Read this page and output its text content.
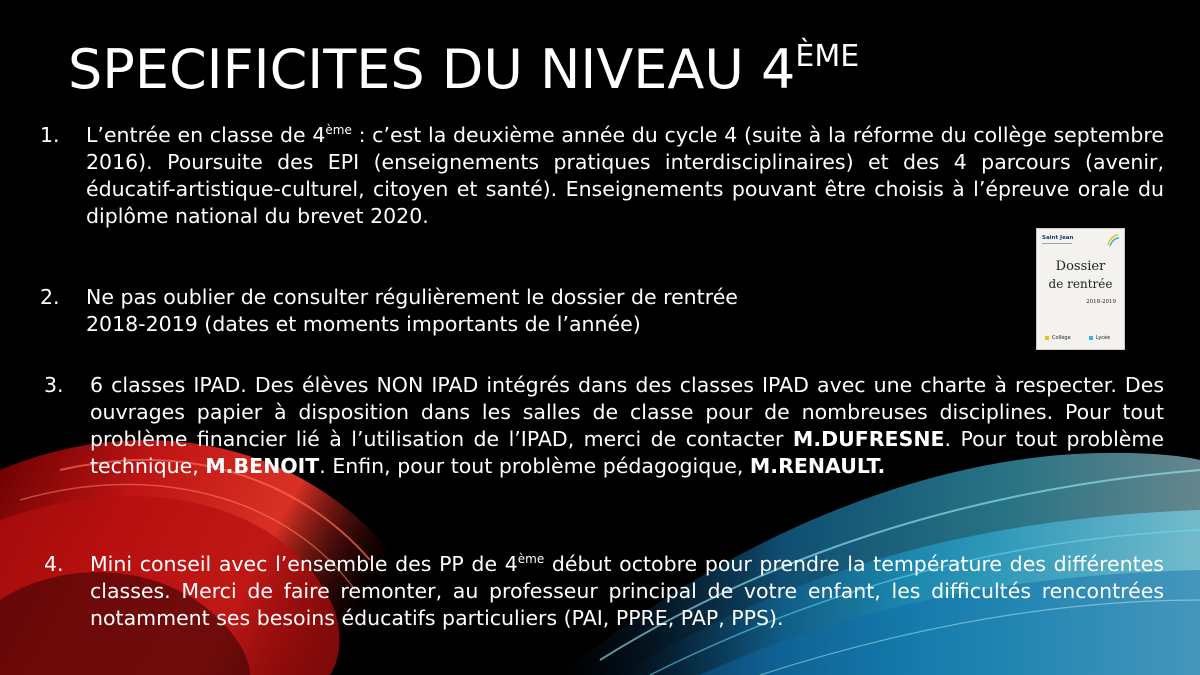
SPECIFICITES DU NIVEAU 4ÈME
1. L’entrée en classe de 4ème : c’est la deuxième année du cycle 4 (suite à la réforme du collège septembre 2016). Poursuite des EPI (enseignements pratiques interdisciplinaires) et des 4 parcours (avenir, éducatif-artistique-culturel, citoyen et santé). Enseignements pouvant être choisis à l’épreuve orale du diplôme national du brevet 2020.

2. Ne pas oublier de consulter régulièrement le dossier de rentrée

2018-2019 (dates et moments importants de l’année)

3. 6 classes IPAD. Des élèves NON IPAD intégrés dans des classes IPAD avec une charte à respecter. Des ouvrages papier à disposition dans les salles de classe pour de nombreuses disciplines. Pour tout problème financier lié à l’utilisation de l’IPAD, merci de contacter M.DUFRESNE. Pour tout problème technique, M.BENOIT. Enfin, pour tout problème pédagogique, M.RENAULT.

4. Mini conseil avec l’ensemble des PP de 4ème début octobre pour prendre la température des différentes classes. Merci de faire remonter, au professeur principal de votre enfant, les difficultés rencontrées notamment ses besoins éducatifs particuliers (PAI, PPRE, PAP, PPS).

Saint Jean
Dossier
de rentrée
2018-2019
Collège	Lycée
